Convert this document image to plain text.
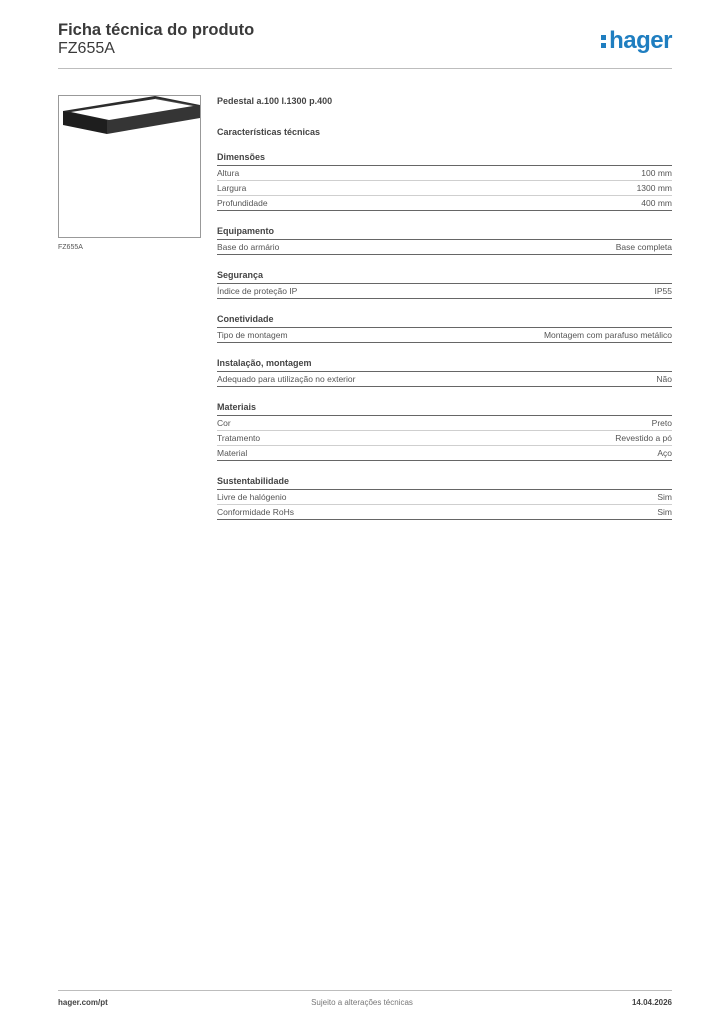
Ficha técnica do produto
FZ655A	hager
FZ655A
Pedestal a.100 l.1300 p.400
Características técnicas
Dimensões
Altura	100 mm
Largura	1300 mm
Profundidade	400 mm
Equipamento
Base do armário	Base completa
Segurança
Índice de proteção IP	IP55
Conetividade
Tipo de montagem	Montagem com parafuso metálico
Instalação, montagem
Adequado para utilização no exterior	Não
Materiais
Cor	Preto
Tratamento	Revestido a pó
Material	Aço
Sustentabilidade
Livre de halógenio	Sim
Conformidade RoHs	Sim
hager.com/pt	Sujeito a alterações técnicas	14.04.2026
